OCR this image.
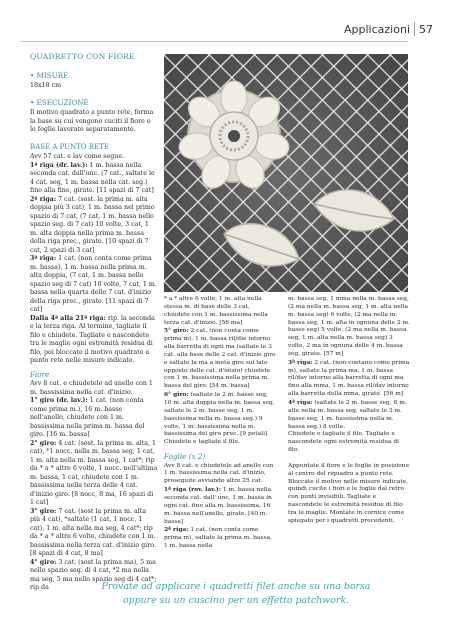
Applicazioni 57
QUADRETTO CON FIORE
• MISURE

18x18 cm

• ESECUZIONE

Il motivo quadrato a punto rete, forma la base su cui vengono cuciti il fiore e le foglie lavorate separatamente.

BASE A PUNTO RETE

Avv 57 cat. e lav come segue.

1ª riga (dr. lav.): 1 m. bassa nella seconda cat. dall'unc. (7 cat., saltate le 4 cat. seg, 1 m. bassa nella cat. seg.) fino alla fine, girate. [11 spazi di 7 cat]

2ª riga: 7 cat. (sost. la prima m. alta doppia più 3 cat), 1 m. bassa nel primo spazio di 7 cat, (7 cat, 1 m. bassa nello spazio seg. di 7 cat) 10 volte, 3 cat, 1 m. alta doppia nella prima m. bassa della riga prec., girate. [10 spazi di 7 cat, 2 spazi di 3 cat]

3ª riga: 1 cat. (non conta come prima m. bassa), 1 m. bassa nella prima m. alta doppia, (7 cat, 1 m. bassa nello spazio seg di 7 cat) 10 volte, 7 cat, 1 m. bassa nella quarta delle 7 cat. d'inizio della riga prec., girate. [11 spazi di 7 cat]

Dalla 4ª alla 21ª riga: rip. la seconda e la terza riga. Al termine, tagliate il filo e chiudete. Tagliate e nascondete tra le maglie ogni estremità residua di filo, poi bloccate il motivo quadrato a punto rete nelle misure indicate.

Fiore

Avv 8 cat. e chiudetele ad anello con 1 m. bassissima nella cat. d'inizio.

1° giro (dr. lav.): 1 cat. (non conta come prima m.), 16 m. basse nell'anello, chiudete con 1 m. bassissima nella prima m. bassa del giro. [16 m. bassa]

2° giro: 4 cat. (sost. la prima m. alta, 1 cat), *1 nocc. nella m. bassa seg, 1 cat, 1 m. alta nella m. bassa seg, 1 cat*; rip da * a * altre 6 volte, 1 nocc. nell'ultima m. bassa, 1 cat, chiudete con 1 m. bassissima nella terza delle 4 cat. d'inizio giro. [8 nocc, 8 ma, 16 spazi di 1 cat]

3° giro: 7 cat. (sost la prima m. alta più 4 cat), *saltate (1 cat, 1 nocc, 1 cat), 1 m. alta nella ma seg, 4 cat*; rip da * a * altre 6 volte, chiudete con 1 m. bassissima nella terza cat. d'inizio giro. [8 spazi di 4 cat, 8 ma]

4° giro: 3 cat. (sost la prima ma), 5 ma nello spazio seg. di 4 cat, *2 ma nella ma seg, 5 ma nello spazio seg di 4 cat*; rip da

* a * altre 6 volte, 1 m. alta nella stessa m. di base delle 3 cat, chiudete con 1 m. bassissima nella terza cat. d'inizio. [56 ma]

5° giro: 2 cat. (non conta come prima m), 1 m. bassa ril/die intorno alla barretta di ogni ma (saltate le 3 cat. alla base delle 2 cat. d'inizio giro e saltate la ma a metà giro sul lato opposto delle cat. d'inizio) chiudete con 1 m. bassissima nella prima m. bassa del giro. [54 m. bassa]

6° giro: (saltate le 2 m. basse seg, 10 m. alta doppia nella m. bassa seg, saltate le 2 m. basse seg, 1 m. bassissima nella m. bassa seg.) 9 volte, 1 m. bassissima nella m. bassissima del giro prec. [9 petali] Chiudete e tagliate il filo.

Foglie (x 2)

Avv 8 cat. e chiudetele ad anello con 1 m. bassissima nella cat. d'inizio, proseguite avviando altre 25 cat.

1ª riga (rov. lav.): 1 m. bassa nella seconda cat. dall' unc, 1 m. bassa in ogni cat. fino alla m. bassissima, 16 m. bassa nell'anello, girate. [40 m. bassa]

2ª riga: 1 cat. (non conta come prima m), saltate la prima m. bassa, 1 m. bassa nella

m. bassa seg, 1 mma nella m. bassa seg, (2 ma nella m. bassa seg, 1 m. alta nella m. bassa seg) 6 volte, (2 ma nella m. bassa seg, 1 m. alta in ognuna delle 2 m. basse seg) 5 volte, (2 ma nella m. bassa seg, 1 m. alta nella m. bassa seg) 3 volte, 2 ma in ognuna delle 4 m. bassa seg, girate. [57 m]

3ª riga: 2 cat. (non contano come prima m), saltate la prima ma, 1 m. bassa ril/dav intorno alla barretta di ogni ma fino alla mma, 1 m. bassa ril/dav intorno alla barretta della mma, girate. [56 m]

4ª riga: (saltate le 2 m. basse seg, 8 m. alte nella m. bassa seg, saltate le 3 m. basse seg, 1 m. bassissima nella m. bassa seg.) 8 volte.

Chiudete e tagliate il filo. Tagliate e nascondete ogni estremità residua di filo.

Appuntate il fiore e le foglie in posizione al centro del riquadro a punto rete. Bloccate il motivo nelle misure indicate, quindi cucite i fiori e le foglie dal retro con punti invisibili. Tagliate e nascondete le estremità residue di filo tra le maglie. Montate in cornice come spiegato per i quadretti precedenti.

Provate ad applicare i quadretti filet anche su una borsa
oppure su un cuscino per un effetto patchwork.
